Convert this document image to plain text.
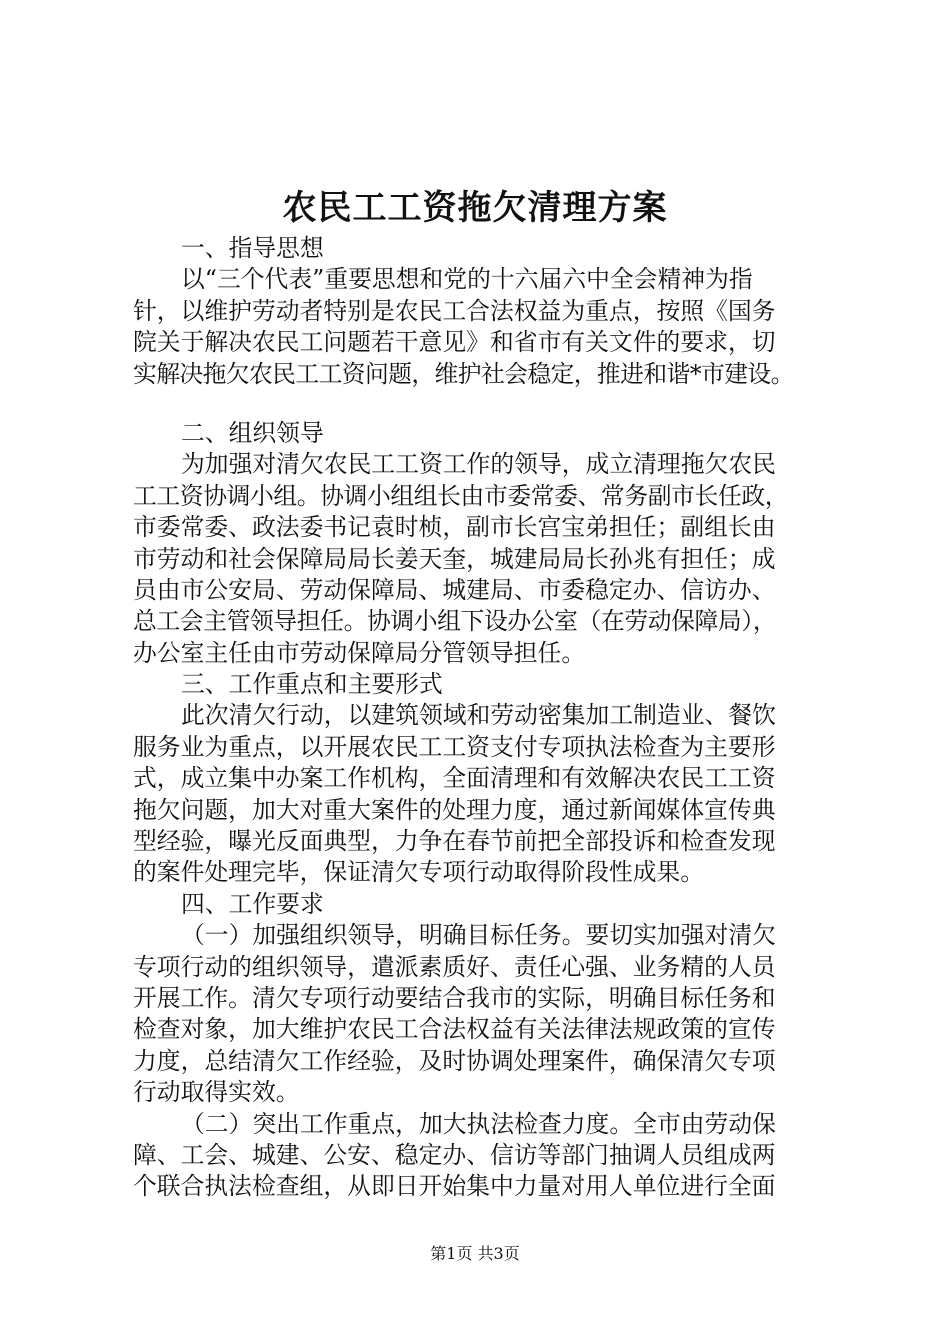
农民工工资拖欠清理方案
一、指导思想
以“三个代表”重要思想和党的十六届六中全会精神为指
针，以维护劳动者特别是农民工合法权益为重点，按照《国务
院关于解决农民工问题若干意见》和省市有关文件的要求，切
实解决拖欠农民工工资问题，维护社会稳定，推进和谐*市建设。
二、组织领导
为加强对清欠农民工工资工作的领导，成立清理拖欠农民
工工资协调小组。协调小组组长由市委常委、常务副市长任政，
市委常委、政法委书记袁时桢，副市长宫宝弟担任；副组长由
市劳动和社会保障局局长姜天奎，城建局局长孙兆有担任；成
员由市公安局、劳动保障局、城建局、市委稳定办、信访办、
总工会主管领导担任。协调小组下设办公室（在劳动保障局），
办公室主任由市劳动保障局分管领导担任。
三、工作重点和主要形式
此次清欠行动，以建筑领域和劳动密集加工制造业、餐饮
服务业为重点，以开展农民工工资支付专项执法检查为主要形
式，成立集中办案工作机构，全面清理和有效解决农民工工资
拖欠问题，加大对重大案件的处理力度，通过新闻媒体宣传典
型经验，曝光反面典型，力争在春节前把全部投诉和检查发现
的案件处理完毕，保证清欠专项行动取得阶段性成果。
四、工作要求
（一）加强组织领导，明确目标任务。要切实加强对清欠
专项行动的组织领导，遣派素质好、责任心强、业务精的人员
开展工作。清欠专项行动要结合我市的实际，明确目标任务和
检查对象，加大维护农民工合法权益有关法律法规政策的宣传
力度，总结清欠工作经验，及时协调处理案件，确保清欠专项
行动取得实效。
（二）突出工作重点，加大执法检查力度。全市由劳动保
障、工会、城建、公安、稳定办、信访等部门抽调人员组成两
个联合执法检查组，从即日开始集中力量对用人单位进行全面
第1页 共3页
